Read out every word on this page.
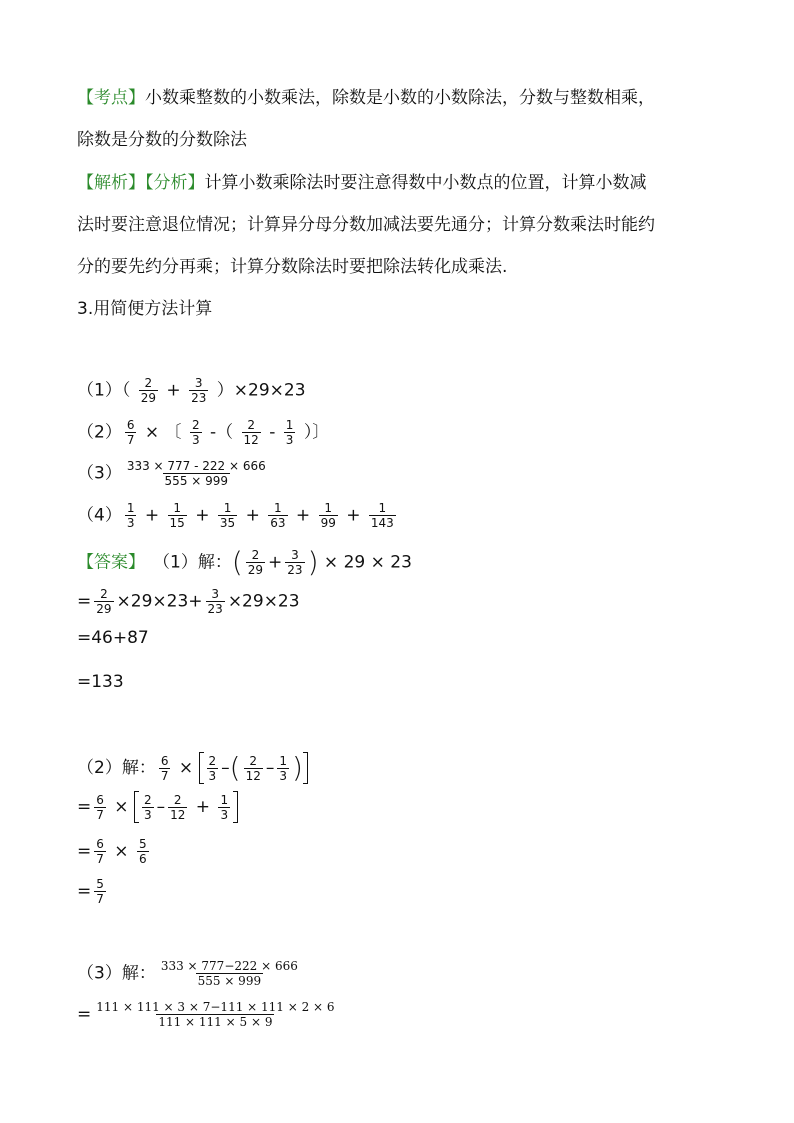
【考点】小数乘整数的小数乘法，除数是小数的小数除法，分数与整数相乘，
除数是分数的分数除法
【解析】【分析】计算小数乘除法时要注意得数中小数点的位置，计算小数减
法时要注意退位情况；计算异分母分数加减法要先通分；计算分数乘法时能约
分的要先约分再乘；计算分数除法时要把除法转化成乘法.
3.用简便方法计算
$(1)( \frac{2}{29} + \frac{3}{23} )\times 29\times 23$
$(2) \frac{6}{7}$ × 〔 $\frac{2}{3}$ -（ $\frac{2}{12} - \frac{1}{3}$ ）〕
$(3) \frac{333 \times 777 - 222 \times 666}{555 \times 999}$
$(4) \frac{1}{3} + \frac{1}{15} + \frac{1}{35} + \frac{1}{63} + \frac{1}{99} + \frac{1}{143}$
【答案】 （1）解：( $\frac{2}{29} + \frac{3}{23}$ ) × 29 × 23
= $\frac{2}{29} \times 29\times 23+ \frac{3}{23} \times 29\times 23$
=46+87
=133
（2）解： $\frac{6}{7} \times \frac{2}{3}$ –( $\frac{2}{12} - \frac{1}{3}$ )
= $\frac{6}{7} \times \frac{2}{3} - \frac{2}{12} + \frac{1}{3}$
= $\frac{6}{7} \times \frac{5}{6}$
= $\frac{5}{7}$
（3）解： $\frac{333 \times 777-222 \times 666}{555 \times 999}$
= $\frac{111 \times 111 \times 3 \times 7-111 \times 111 \times 2 \times 6}{111 \times 111 \times 5 \times 9}$
